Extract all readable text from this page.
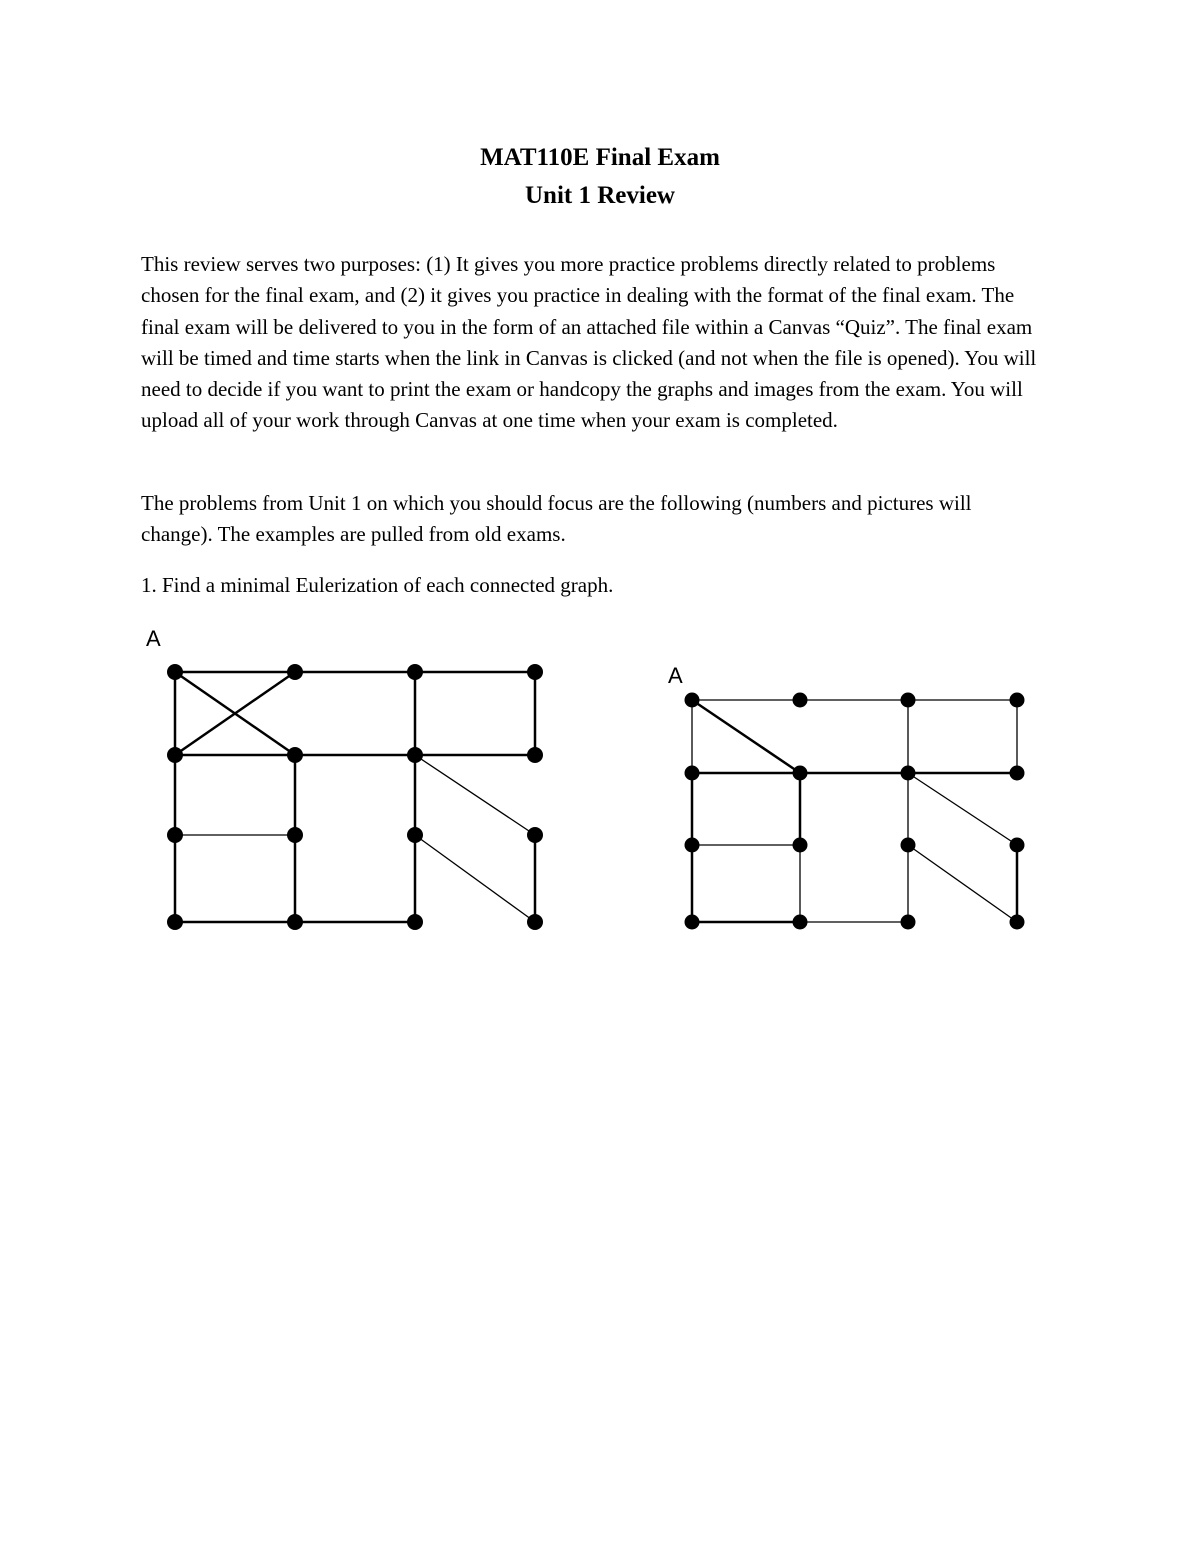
MAT110E Final Exam
Unit 1 Review

This review serves two purposes: (1) It gives you more practice problems directly related to problems chosen for the final exam, and (2) it gives you practice in dealing with the format of the final exam. The final exam will be delivered to you in the form of an attached file within a Canvas “Quiz”. The final exam will be timed and time starts when the link in Canvas is clicked (and not when the file is opened). You will need to decide if you want to print the exam or handcopy the graphs and images from the exam. You will upload all of your work through Canvas at one time when your exam is completed.

The problems from Unit 1 on which you should focus are the following (numbers and pictures will change). The examples are pulled from old exams.

1. Find a minimal Eulerization of each connected graph.

A
A
